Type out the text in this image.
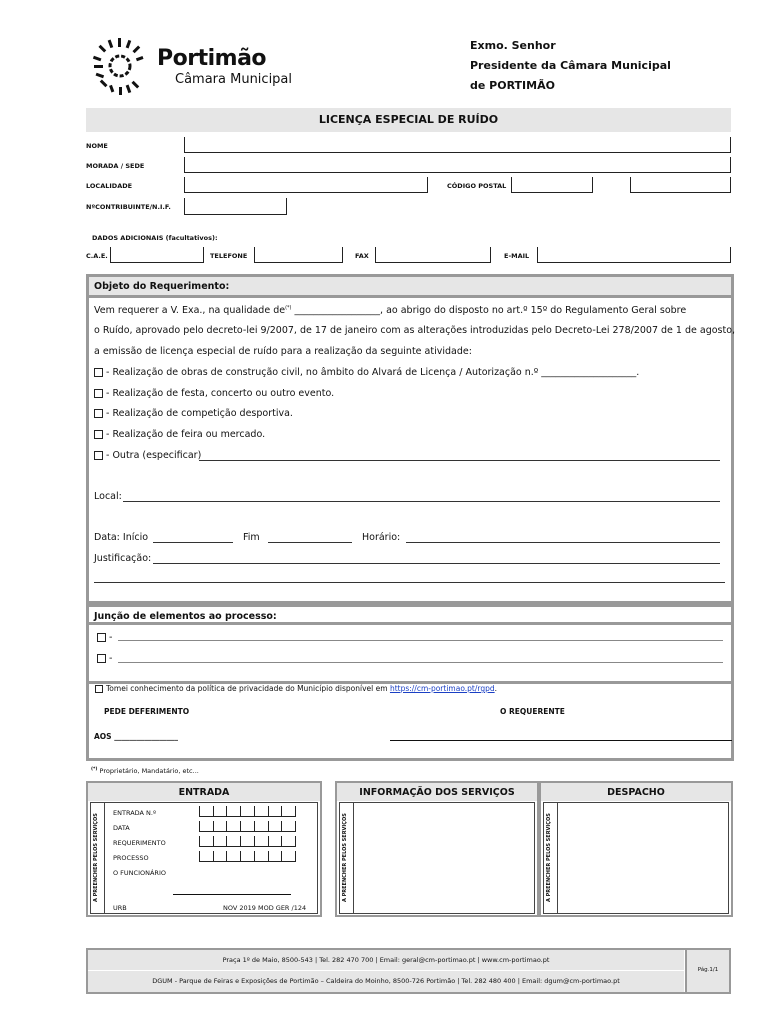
Portimão
Câmara Municipal
Exmo. Senhor
Presidente da Câmara Municipal
de PORTIMÃO
LICENÇA ESPECIAL DE RUÍDO
NOME
MORADA / SEDE
LOCALIDADE	CÓDIGO POSTAL
NºCONTRIBUINTE/N.I.F.
DADOS ADICIONAIS (facultativos):
C.A.E.	TELEFONE	FAX	E-MAIL
Objeto do Requerimento:
Vem requerer a V. Exa., na qualidade de(*) __________________, ao abrigo do disposto no art.º 15º do Regulamento Geral sobre
o Ruído, aprovado pelo decreto-lei 9/2007, de 17 de janeiro com as alterações introduzidas pelo Decreto-Lei 278/2007 de 1 de agosto,
a emissão de licença especial de ruído para a realização da seguinte atividade:
- Realização de obras de construção civil, no âmbito do Alvará de Licença / Autorização n.º ____________________.
- Realização de festa, concerto ou outro evento.
- Realização de competição desportiva.
- Realização de feira ou mercado.
- Outra (especificar)
Local:
Data: Início	Fim	Horário:
Justificação:
Junção de elementos ao processo:
-
-
Tomei conhecimento da política de privacidade do Município disponível em https://cm-portimao.pt/rgpd.
PEDE DEFERIMENTO	O REQUERENTE
AOS _________________
(*) Proprietário, Mandatário, etc...
ENTRADA
A PREENCHER PELOS SERVIÇOS
ENTRADA N.º
DATA
REQUERIMENTO
PROCESSO
O FUNCIONÁRIO
URB	NOV 2019 MOD GER /124
INFORMAÇÃO DOS SERVIÇOS
A PREENCHER PELOS SERVIÇOS
DESPACHO
A PREENCHER PELOS SERVIÇOS
Praça 1º de Maio, 8500-543 | Tel. 282 470 700 | Email: geral@cm-portimao.pt | www.cm-portimao.pt
DGUM - Parque de Feiras e Exposições de Portimão – Caldeira do Moinho, 8500-726 Portimão | Tel. 282 480 400 | Email: dgum@cm-portimao.pt
Pág.1/1
